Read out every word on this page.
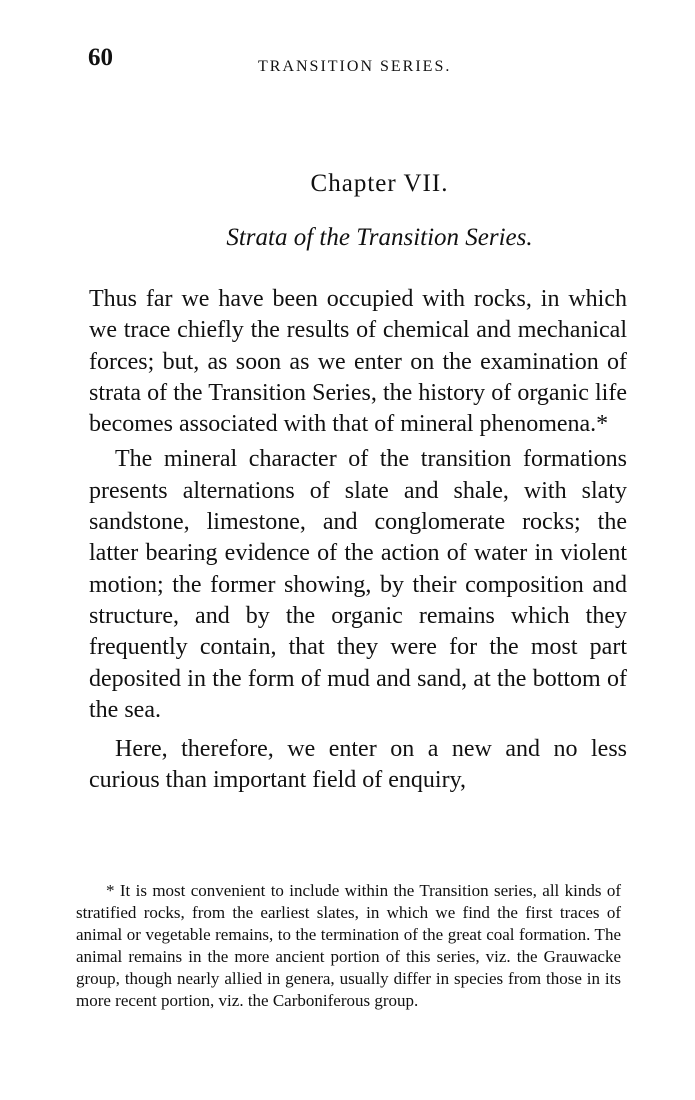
60	TRANSITION SERIES.
Chapter VII.
Strata of the Transition Series.

Thus far we have been occupied with rocks, in which we trace chiefly the results of chemical and mechanical forces; but, as soon as we enter on the examination of strata of the Transition Series, the history of organic life becomes associated with that of mineral phenomena.*

The mineral character of the transition formations presents alternations of slate and shale, with slaty sandstone, limestone, and conglomerate rocks; the latter bearing evidence of the action of water in violent motion; the former showing, by their composition and structure, and by the organic remains which they frequently contain, that they were for the most part deposited in the form of mud and sand, at the bottom of the sea.

Here, therefore, we enter on a new and no less curious than important field of enquiry,

* It is most convenient to include within the Transition series, all kinds of stratified rocks, from the earliest slates, in which we find the first traces of animal or vegetable remains, to the termination of the great coal formation. The animal remains in the more ancient portion of this series, viz. the Grauwacke group, though nearly allied in genera, usually differ in species from those in its more recent portion, viz. the Carboniferous group.
